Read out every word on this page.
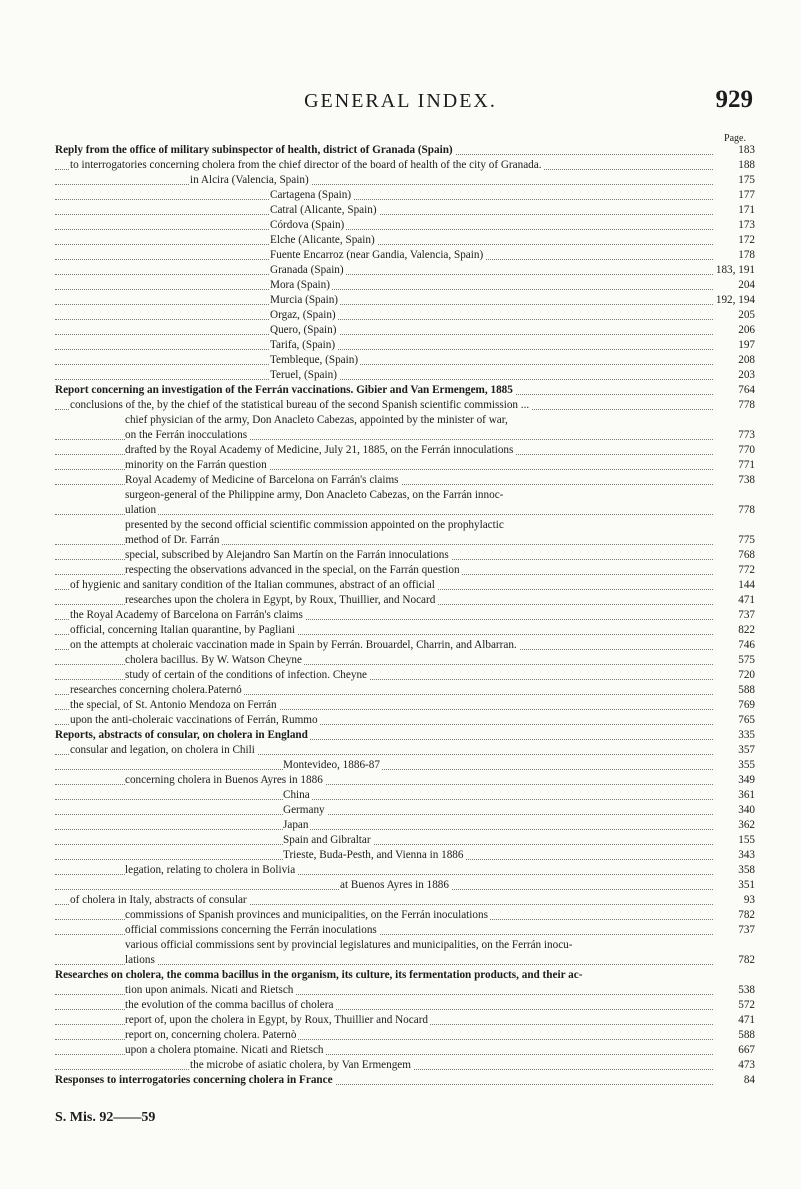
GENERAL INDEX.	929
Page.
Reply from the office of military subinspector of health, district of Granada (Spain)	183
to interrogatories concerning cholera from the chief director of the board of health of the city of Granada.	188
in Alcira (Valencia, Spain)	175
Cartagena (Spain)	177
Catral (Alicante, Spain)	171
Córdova (Spain)	173
Elche (Alicante, Spain)	172
Fuente Encarroz (near Gandia, Valencia, Spain)	178
Granada (Spain)	183, 191
Mora (Spain)	204
Murcia (Spain)	192, 194
Orgaz, (Spain)	205
Quero, (Spain)	206
Tarifa, (Spain)	197
Tembleque, (Spain)	208
Teruel, (Spain)	203
Report concerning an investigation of the Ferrán vaccinations. Gibier and Van Ermengem, 1885	764
conclusions of the, by the chief of the statistical bureau of the second Spanish scientific commission ...	778
chief physician of the army, Don Anacleto Cabezas, appointed by the minister of war,
on the Ferrán inocculations	773
drafted by the Royal Academy of Medicine, July 21, 1885, on the Ferrán innoculations	770
minority on the Farrán question	771
Royal Academy of Medicine of Barcelona on Farrán's claims	738
surgeon-general of the Philippine army, Don Anacleto Cabezas, on the Farrán innoc-
ulation	778
presented by the second official scientific commission appointed on the prophylactic
method of Dr. Farrán	775
special, subscribed by Alejandro San Martín on the Farrán innoculations	768
respecting the observations advanced in the special, on the Farrán question	772
of hygienic and sanitary condition of the Italian communes, abstract of an official	144
researches upon the cholera in Egypt, by Roux, Thuillier, and Nocard	471
the Royal Academy of Barcelona on Farrán's claims	737
official, concerning Italian quarantine, by Pagliani	822
on the attempts at choleraic vaccination made in Spain by Ferrán. Brouardel, Charrin, and Albarran.	746
cholera bacillus. By W. Watson Cheyne	575
study of certain of the conditions of infection. Cheyne	720
researches concerning cholera.Paternó	588
the special, of St. Antonio Mendoza on Ferrán	769
upon the anti-choleraic vaccinations of Ferrán, Rummo	765
Reports, abstracts of consular, on cholera in England	335
consular and legation, on cholera in Chili	357
Montevideo, 1886-87	355
concerning cholera in Buenos Ayres in 1886	349
China	361
Germany	340
Japan	362
Spain and Gibraltar	155
Trieste, Buda-Pesth, and Vienna in 1886	343
legation, relating to cholera in Bolivia	358
at Buenos Ayres in 1886	351
of cholera in Italy, abstracts of consular	93
commissions of Spanish provinces and municipalities, on the Ferrán inoculations	782
official commissions concerning the Ferrán inoculations	737
various official commissions sent by provincial legislatures and municipalities, on the Ferrán inocu-
lations	782
Researches on cholera, the comma bacillus in the organism, its culture, its fermentation products, and their ac-
tion upon animals. Nicati and Rietsch	538
the evolution of the comma bacillus of cholera	572
report of, upon the cholera in Egypt, by Roux, Thuillier and Nocard	471
report on, concerning cholera. Paternò	588
upon a cholera ptomaine. Nicati and Rietsch	667
the microbe of asiatic cholera, by Van Ermengem	473
Responses to interrogatories concerning cholera in France	84
S. Mis. 92——59
